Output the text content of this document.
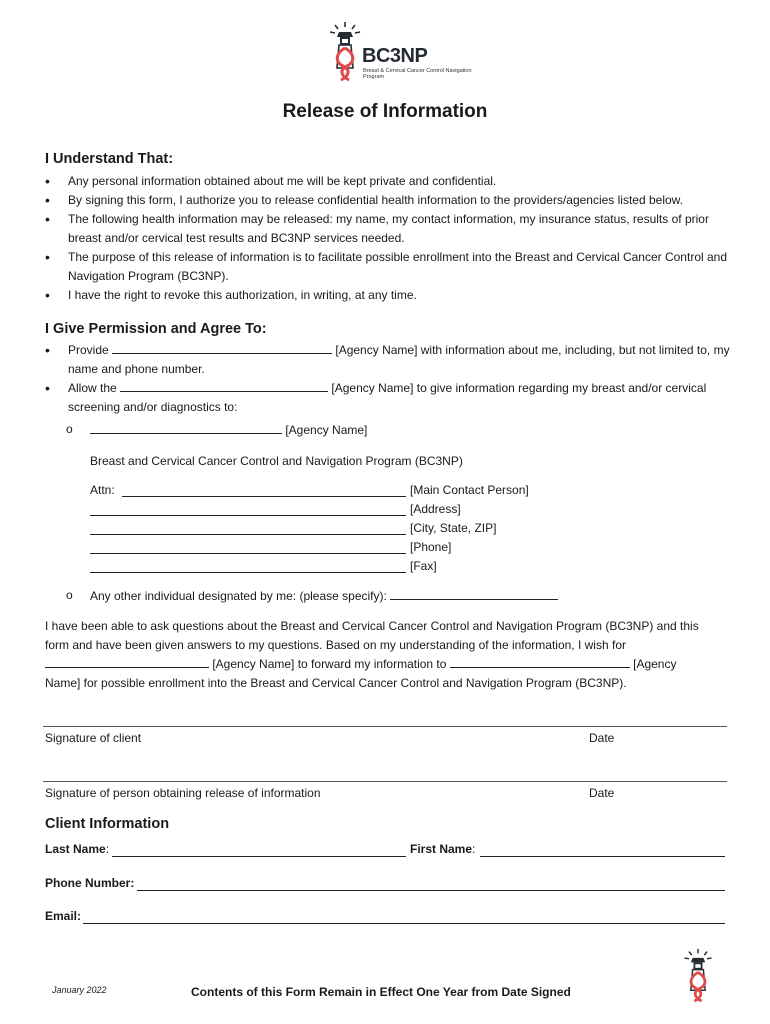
BC3NP
Breast & Cervical Cancer Control Navigation Program
Release of Information
I Understand That:
• Any personal information obtained about me will be kept private and confidential.
• By signing this form, I authorize you to release confidential health information to the providers/agencies listed below.
• The following health information may be released: my name, my contact information, my insurance status, results of prior breast and/or cervical test results and BC3NP services needed.
• The purpose of this release of information is to facilitate possible enrollment into the Breast and Cervical Cancer Control and Navigation Program (BC3NP).
• I have the right to revoke this authorization, in writing, at any time.
I Give Permission and Agree To:
• Provide	[Agency Name] with information about me, including, but not limited to, my name and phone number.
• Allow the	[Agency Name] to give information regarding my breast and/or cervical screening and/or diagnostics to:
o	[Agency Name]
Breast and Cervical Cancer Control and Navigation Program (BC3NP)
Attn:	[Main Contact Person]
[Address]
[City, State, ZIP]
[Phone]
[Fax]
o Any other individual designated by me: (please specify):
I have been able to ask questions about the Breast and Cervical Cancer Control and Navigation Program (BC3NP) and this
form and have been given answers to my questions. Based on my understanding of the information, I wish for
[Agency Name] to forward my information to	[Agency
Name] for possible enrollment into the Breast and Cervical Cancer Control and Navigation Program (BC3NP).
Signature of client	Date
Signature of person obtaining release of information	Date
Client Information
Last Name:	First Name:
Phone Number:
Email:
January 2022	Contents of this Form Remain in Effect One Year from Date Signed
